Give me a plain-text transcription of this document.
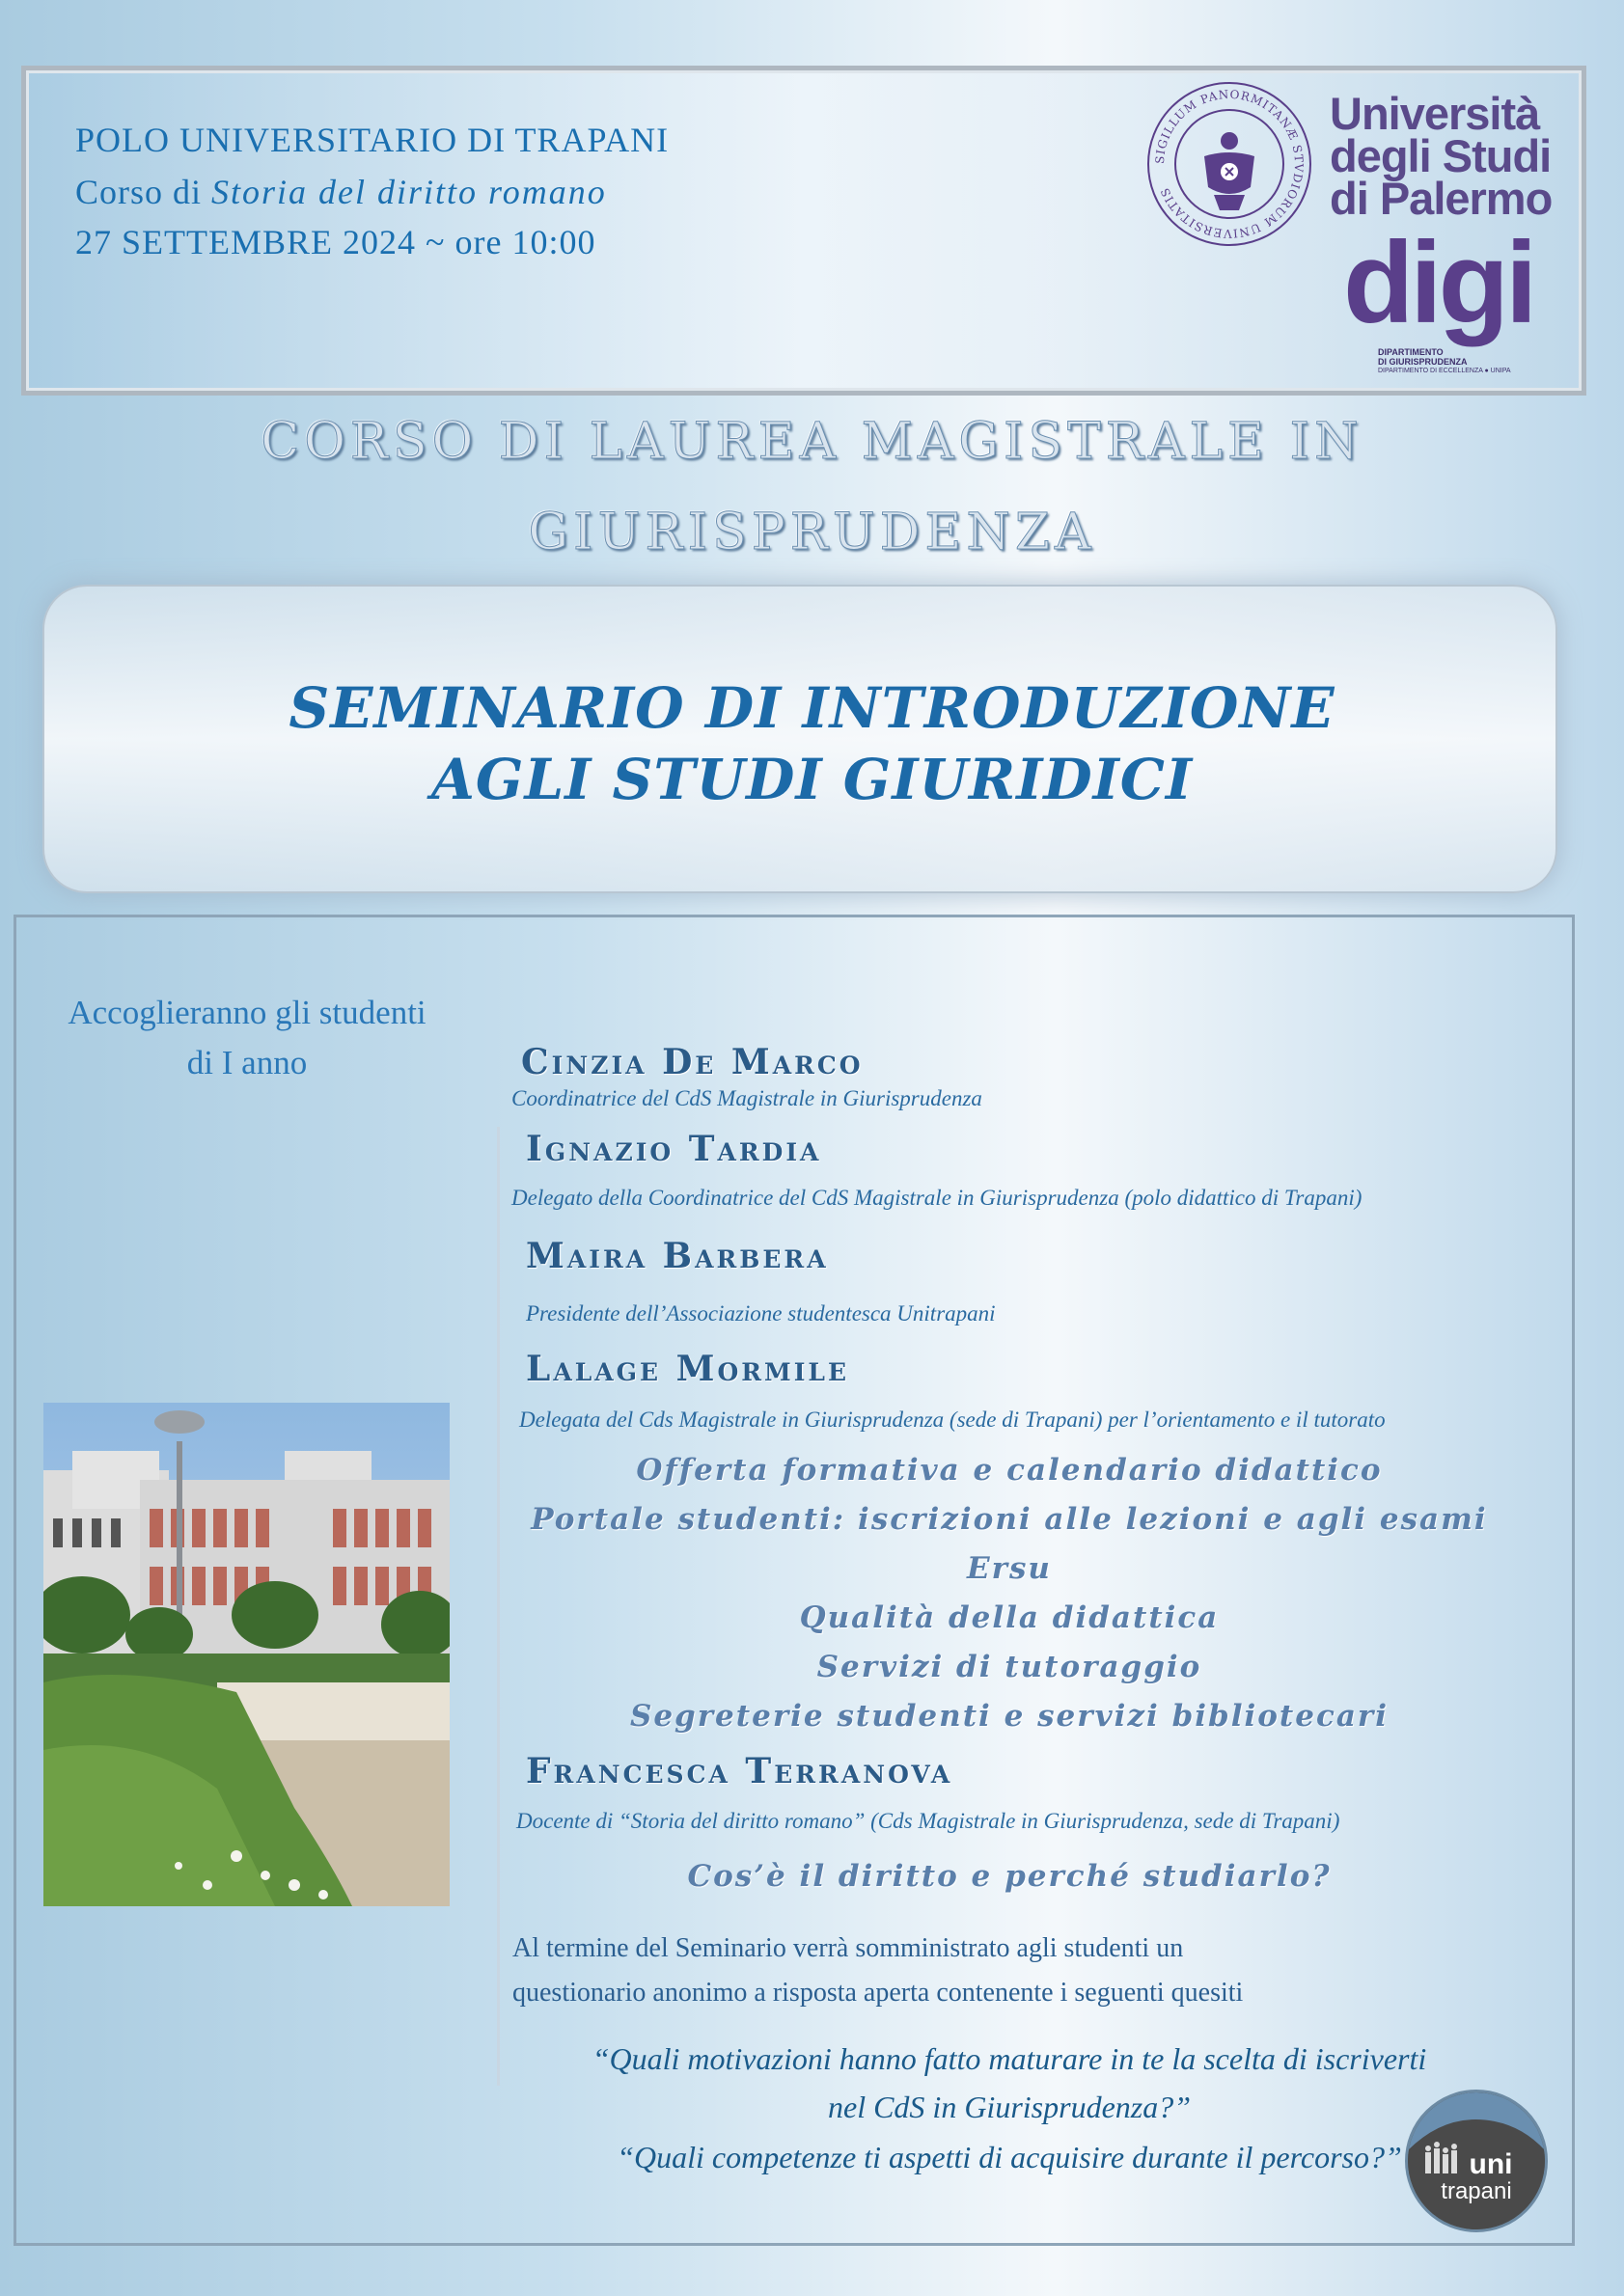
POLO UNIVERSITARIO DI TRAPANI
Corso di Storia del diritto romano
27 SETTEMBRE 2024 ~ ore 10:00
SIGILLUM PANORMITANÆ STVDIORUM UNIVERSITATIS
Università
degli Studi
di Palermo
digi
DIPARTIMENTO
DI GIURISPRUDENZA
DIPARTIMENTO DI ECCELLENZA ● UNIPA
CORSO DI LAUREA MAGISTRALE IN
GIURISPRUDENZA
SEMINARIO DI INTRODUZIONE
AGLI STUDI GIURIDICI
Accoglieranno gli studenti
di I anno	Cinzia De Marco
Coordinatrice del CdS Magistrale in Giurisprudenza
Ignazio Tardia
Delegato della Coordinatrice del CdS Magistrale in Giurisprudenza (polo didattico di Trapani)
Maira Barbera
Presidente dell’Associazione studentesca Unitrapani
Lalage Mormile
Delegata del Cds Magistrale in Giurisprudenza (sede di Trapani) per l’orientamento e il tutorato
Offerta formativa e calendario didattico
Portale studenti: iscrizioni alle lezioni e agli esami
Ersu
Qualità della didattica
Servizi di tutoraggio
Segreterie studenti e servizi bibliotecari
Francesca Terranova
Docente di “Storia del diritto romano” (Cds Magistrale in Giurisprudenza, sede di Trapani)
Cos’è il diritto e perché studiarlo?
Al termine del Seminario verrà somministrato agli studenti un
questionario anonimo a risposta aperta contenente i seguenti quesiti
“Quali motivazioni hanno fatto maturare in te la scelta di iscriverti
nel CdS in Giurisprudenza?”
“Quali competenze ti aspetti di acquisire durante il percorso?”	uni
trapani
